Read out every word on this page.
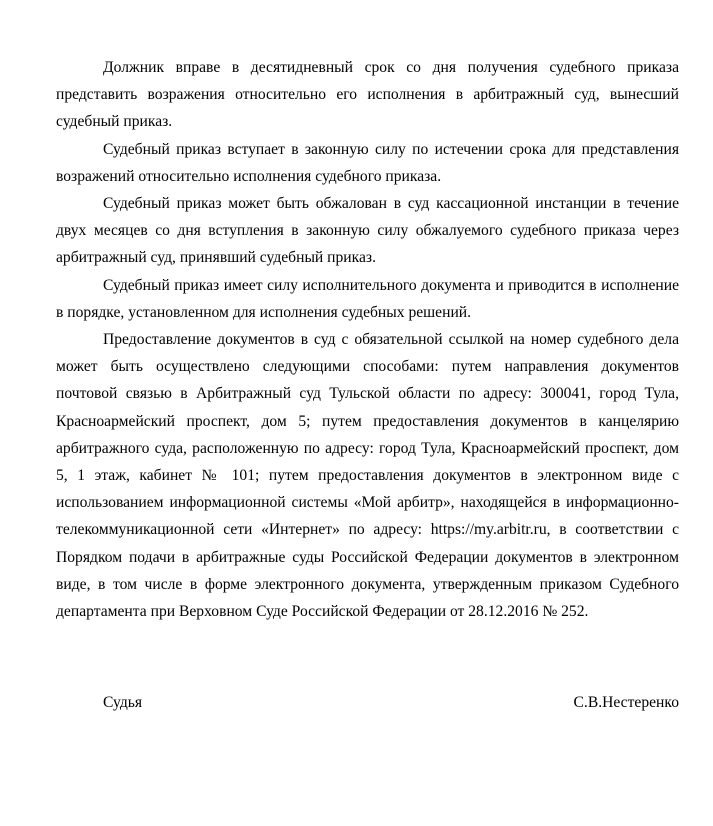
Должник вправе в десятидневный срок со дня получения судебного приказа представить возражения относительно его исполнения в арбитражный суд, вынесший судебный приказ.

Судебный приказ вступает в законную силу по истечении срока для представления возражений относительно исполнения судебного приказа.

Судебный приказ может быть обжалован в суд кассационной инстанции в течение двух месяцев со дня вступления в законную силу обжалуемого судебного приказа через арбитражный суд, принявший судебный приказ.

Судебный приказ имеет силу исполнительного документа и приводится в исполнение в порядке, установленном для исполнения судебных решений.

Предоставление документов в суд с обязательной ссылкой на номер судебного дела может быть осуществлено следующими способами: путем направления документов почтовой связью в Арбитражный суд Тульской области по адресу: 300041, город Тула, Красноармейский проспект, дом 5; путем предоставления документов в канцелярию арбитражного суда, расположенную по адресу: город Тула, Красноармейский проспект, дом 5, 1 этаж, кабинет № 101; путем предоставления документов в электронном виде с использованием информационной системы «Мой арбитр», находящейся в информационно-телекоммуникационной сети «Интернет» по адресу: https://my.arbitr.ru, в соответствии с Порядком подачи в арбитражные суды Российской Федерации документов в электронном виде, в том числе в форме электронного документа, утвержденным приказом Судебного департамента при Верховном Суде Российской Федерации от 28.12.2016 № 252.

Судья	С.В.Нестеренко
